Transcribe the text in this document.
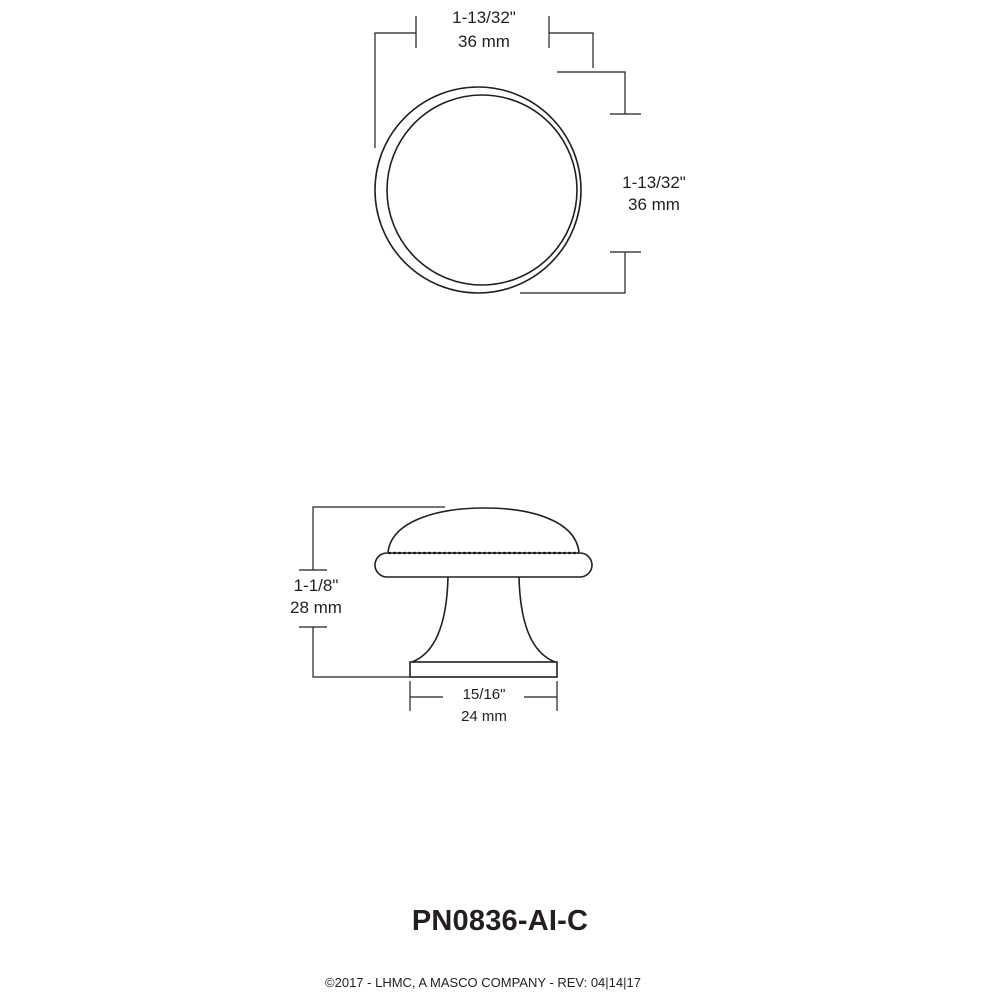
1-13/32"
36 mm
1-13/32"
36 mm
1-1/8"
28 mm
15/16"
24 mm
PN0836-AI-C
©2017 - LHMC, A MASCO COMPANY - REV: 04|14|17
